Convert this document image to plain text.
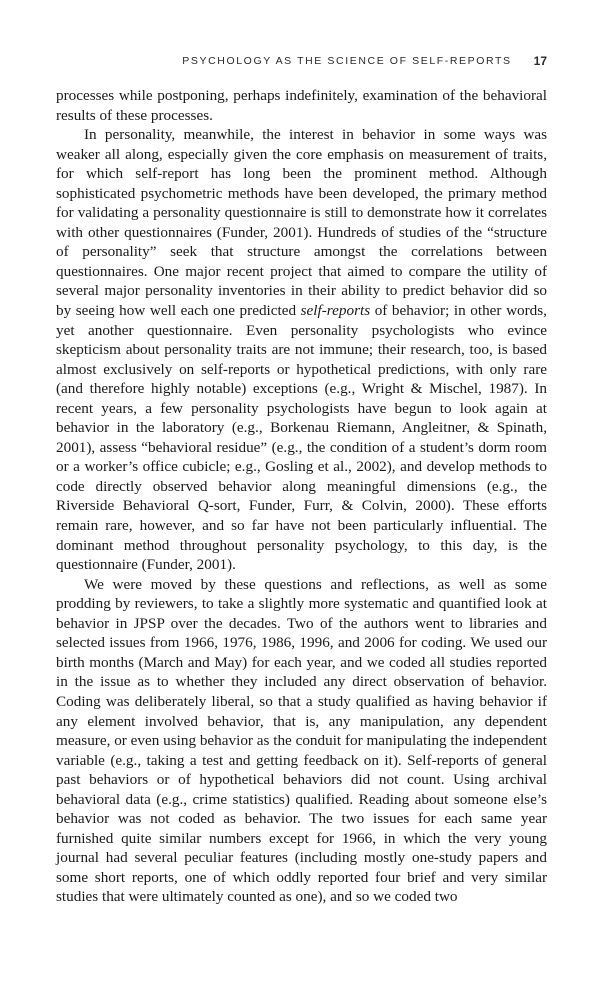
PSYCHOLOGY AS THE SCIENCE OF SELF-REPORTS 17

processes while postponing, perhaps indefinitely, examination of the behavioral results of these processes.

In personality, meanwhile, the interest in behavior in some ways was weaker all along, especially given the core emphasis on measurement of traits, for which self-report has long been the prominent method. Although sophisticated psychometric methods have been developed, the primary method for validating a personality questionnaire is still to demonstrate how it correlates with other questionnaires (Funder, 2001). Hundreds of studies of the “structure of personality” seek that structure amongst the correlations between questionnaires. One major recent project that aimed to compare the utility of several major personality inventories in their ability to predict behavior did so by seeing how well each one predicted self-reports of behavior; in other words, yet another questionnaire. Even personality psychologists who evince skepticism about personality traits are not immune; their research, too, is based almost exclusively on self-reports or hypothetical predictions, with only rare (and therefore highly notable) exceptions (e.g., Wright & Mischel, 1987). In recent years, a few personality psychologists have begun to look again at behavior in the laboratory (e.g., Borkenau Riemann, Angleitner, & Spinath, 2001), assess “behavioral residue” (e.g., the condition of a student’s dorm room or a worker’s office cubicle; e.g., Gosling et al., 2002), and develop methods to code directly observed behavior along meaningful dimensions (e.g., the Riverside Behavioral Q-sort, Funder, Furr, & Colvin, 2000). These efforts remain rare, however, and so far have not been particularly influential. The dominant method throughout personality psychology, to this day, is the questionnaire (Funder, 2001).

We were moved by these questions and reflections, as well as some prodding by reviewers, to take a slightly more systematic and quantified look at behavior in JPSP over the decades. Two of the authors went to libraries and selected issues from 1966, 1976, 1986, 1996, and 2006 for coding. We used our birth months (March and May) for each year, and we coded all studies reported in the issue as to whether they included any direct observation of behavior. Coding was deliberately liberal, so that a study qualified as having behavior if any element involved behavior, that is, any manipulation, any dependent measure, or even using behavior as the conduit for manipulating the independent variable (e.g., taking a test and getting feedback on it). Self-reports of general past behaviors or of hypothetical behaviors did not count. Using archival behavioral data (e.g., crime statistics) qualified. Reading about someone else’s behavior was not coded as behavior. The two issues for each same year furnished quite similar numbers except for 1966, in which the very young journal had several peculiar features (including mostly one-study papers and some short reports, one of which oddly reported four brief and very similar studies that were ultimately counted as one), and so we coded two
